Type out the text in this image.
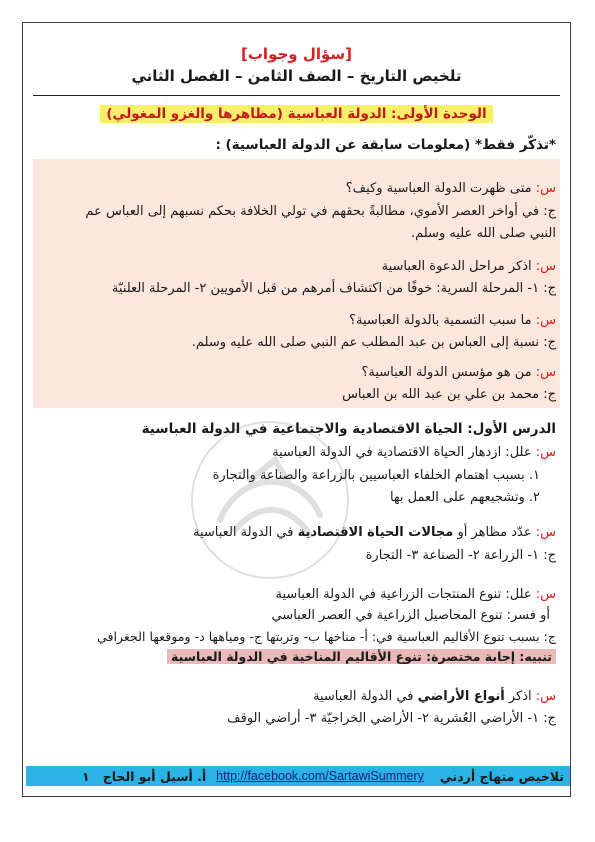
[سؤال وجواب]
تلخيص التاريخ – الصف الثامن – الفصل الثاني
الوحدة الأولى: الدولة العباسية (مظاهرها والغزو المغولي)
*تذكّر فقط* (معلومات سابقة عن الدولة العباسية) :
س: متى ظهرت الدولة العباسية وكيف؟
ج: في أواخر العصر الأموي، مطالبةً بحقهم في تولي الخلافة بحكم نسبهم إلى العباس عم
النبي صلى الله عليه وسلم.
س: اذكر مراحل الدعوة العباسية
ج: ١- المرحلة السرية: خوفًا من اكتشاف أمرهم من قبل الأمويين ٢- المرحلة العلنيّة
س: ما سبب التسمية بالدولة العباسية؟
ج: نسبة إلى العباس بن عبد المطلب عم النبي صلى الله عليه وسلم.
س: من هو مؤسس الدولة العباسية؟
ج: محمد بن علي بن عبد الله بن العباس
الدرس الأول: الحياة الاقتصادية والاجتماعية في الدولة العباسية
س: علل: ازدهار الحياة الاقتصادية في الدولة العباسية
١. بسبب اهتمام الخلفاء العباسيين بالزراعة والصناعة والتجارة
٢. وتشجيعهم على العمل بها
س: عدّد مظاهر أو مجالات الحياة الاقتصادية في الدولة العباسية
ج: ١- الزراعة ٢- الصناعة ٣- التجارة
س: علل: تنوع المنتجات الزراعية في الدولة العباسية
أو فسر: تنوع المحاصيل الزراعية في العصر العباسي
ج: بسبب تنوع الأقاليم العباسية في: أ- مناخها ب- وتربتها ج- ومياهها د- وموقعها الجغرافي
تنبيه: إجابة مختصرة: تنوع الأقاليم المناخية في الدولة العباسية
س: اذكر أنواع الأراضي في الدولة العباسية
ج: ١- الأراضي العُشرية ٢- الأراضي الخراجيّة ٣- أراضي الوقف
تلاخيص منهاج أردني
http://facebook.com/SartawiSummery
أ. أسيل أبو الحاج
١
